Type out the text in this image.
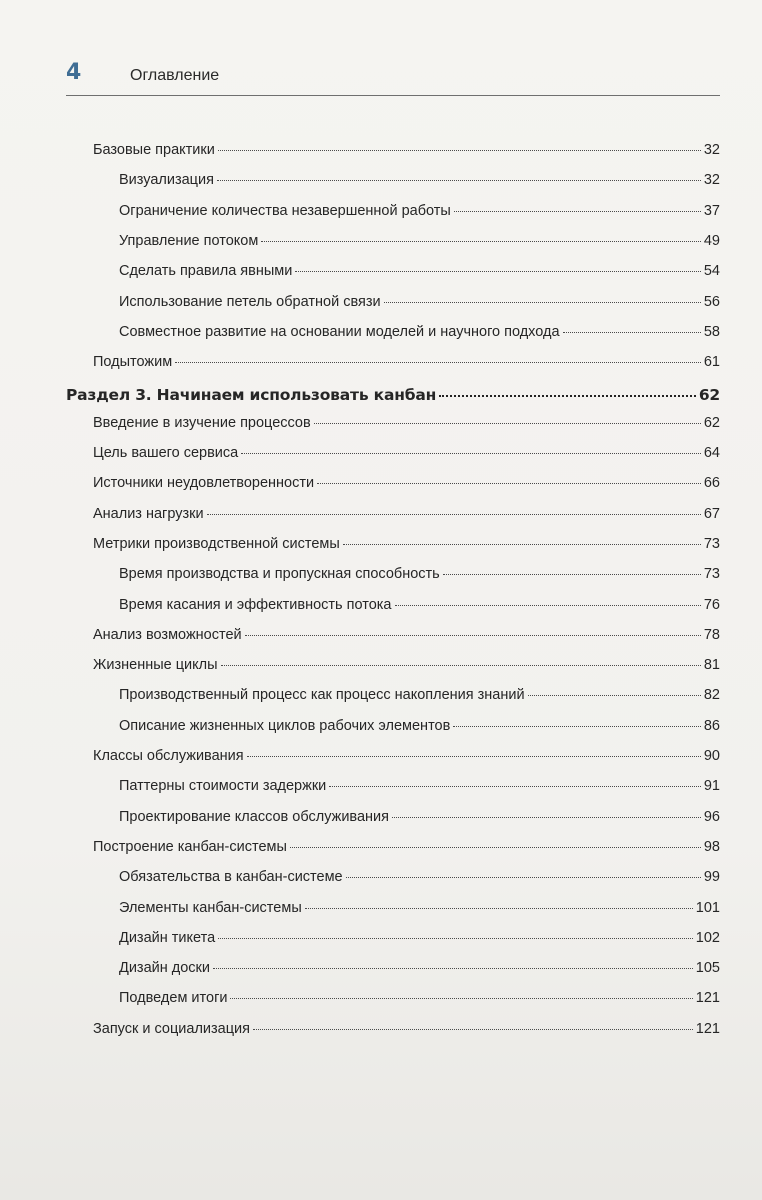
4	Оглавление
Базовые практики	32
Визуализация	32
Ограничение количества незавершенной работы	37
Управление потоком	49
Сделать правила явными	54
Использование петель обратной связи	56
Совместное развитие на основании моделей и научного подхода	58
Подытожим	61
Раздел 3. Начинаем использовать канбан	62
Введение в изучение процессов	62
Цель вашего сервиса	64
Источники неудовлетворенности	66
Анализ нагрузки	67
Метрики производственной системы	73
Время производства и пропускная способность	73
Время касания и эффективность потока	76
Анализ возможностей	78
Жизненные циклы	81
Производственный процесс как процесс накопления знаний	82
Описание жизненных циклов рабочих элементов	86
Классы обслуживания	90
Паттерны стоимости задержки	91
Проектирование классов обслуживания	96
Построение канбан-системы	98
Обязательства в канбан-системе	99
Элементы канбан-системы	101
Дизайн тикета	102
Дизайн доски	105
Подведем итоги	121
Запуск и социализация	121
